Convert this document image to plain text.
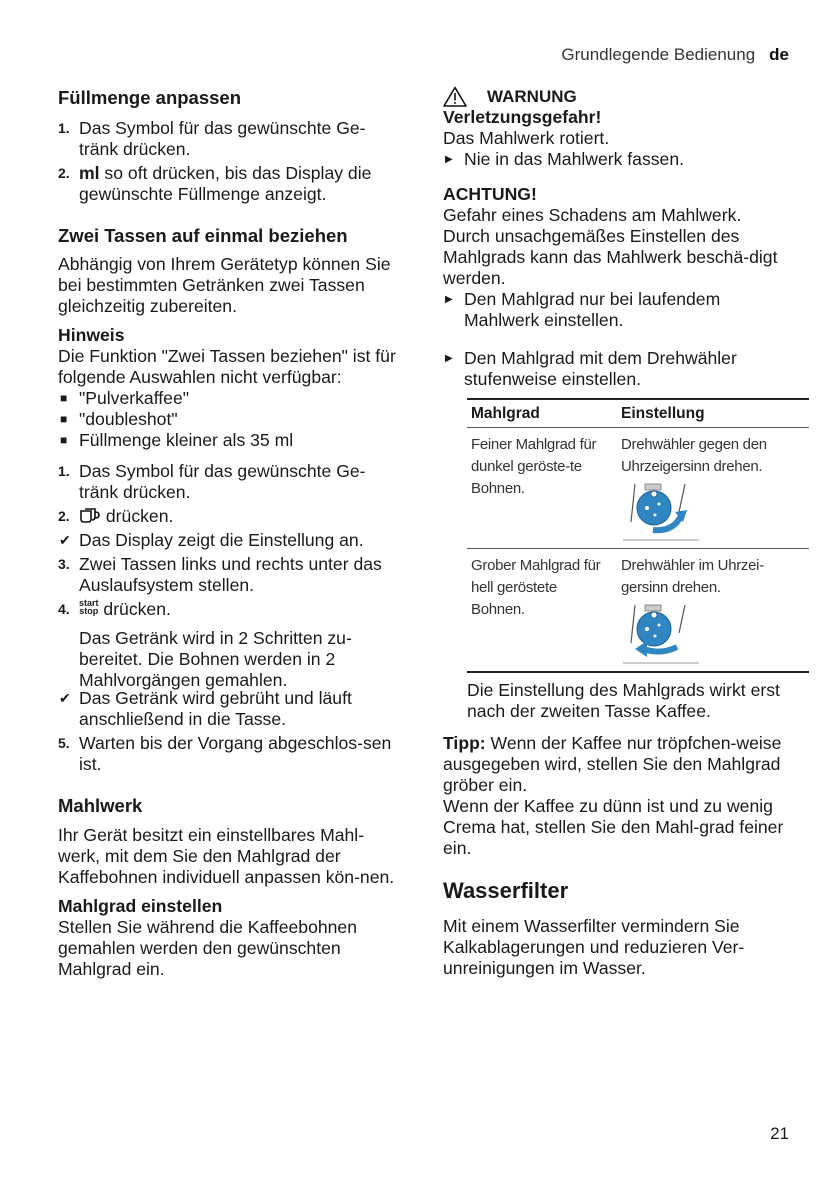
Grundlegende Bedienung de
Füllmenge anpassen
1. Das Symbol für das gewünschte Ge-tränk drücken.
2. ml so oft drücken, bis das Display die gewünschte Füllmenge anzeigt.
Zwei Tassen auf einmal beziehen

Abhängig von Ihrem Gerätetyp können Sie bei bestimmten Getränken zwei Tassen gleichzeitig zubereiten.

Hinweis

Die Funktion "Zwei Tassen beziehen" ist für folgende Auswahlen nicht verfügbar:

■ "Pulverkaffee"
■ "doubleshot"
■ Füllmenge kleiner als 35 ml
1. Das Symbol für das gewünschte Ge-tränk drücken.
2. drücken.
✔ Das Display zeigt die Einstellung an.
3. Zwei Tassen links und rechts unter das Auslaufsystem stellen.
4. start
stop drücken.
Das Getränk wird in 2 Schritten zu-bereitet. Die Bohnen werden in 2 Mahlvorgängen gemahlen.
✔ Das Getränk wird gebrüht und läuft anschließend in die Tasse.
5. Warten bis der Vorgang abgeschlos-sen ist.
Mahlwerk

Ihr Gerät besitzt ein einstellbares Mahl-werk, mit dem Sie den Mahlgrad der Kaffebohnen individuell anpassen kön-nen.

Mahlgrad einstellen

Stellen Sie während die Kaffeebohnen gemahlen werden den gewünschten Mahlgrad ein.

WARNUNG
Verletzungsgefahr!

Das Mahlwerk rotiert.

▶ Nie in das Mahlwerk fassen.
ACHTUNG!

Gefahr eines Schadens am Mahlwerk. Durch unsachgemäßes Einstellen des Mahlgrads kann das Mahlwerk beschä-digt werden.

▶ Den Mahlgrad nur bei laufendem Mahlwerk einstellen.
▶ Den Mahlgrad mit dem Drehwähler stufenweise einstellen.
Mahlgrad	Einstellung
Feiner Mahlgrad für dunkel geröste-te Bohnen.	Drehwähler gegen den Uhrzeigersinn drehen.

Grober Mahlgrad für hell geröstete Bohnen.	Drehwähler im Uhrzei-gersinn drehen.
Die Einstellung des Mahlgrads wirkt erst nach der zweiten Tasse Kaffee.

Tipp: Wenn der Kaffee nur tröpfchen-weise ausgegeben wird, stellen Sie den Mahlgrad gröber ein.

Wenn der Kaffee zu dünn ist und zu wenig Crema hat, stellen Sie den Mahl-grad feiner ein.

Wasserfilter

Mit einem Wasserfilter vermindern Sie Kalkablagerungen und reduzieren Ver-unreinigungen im Wasser.

21
